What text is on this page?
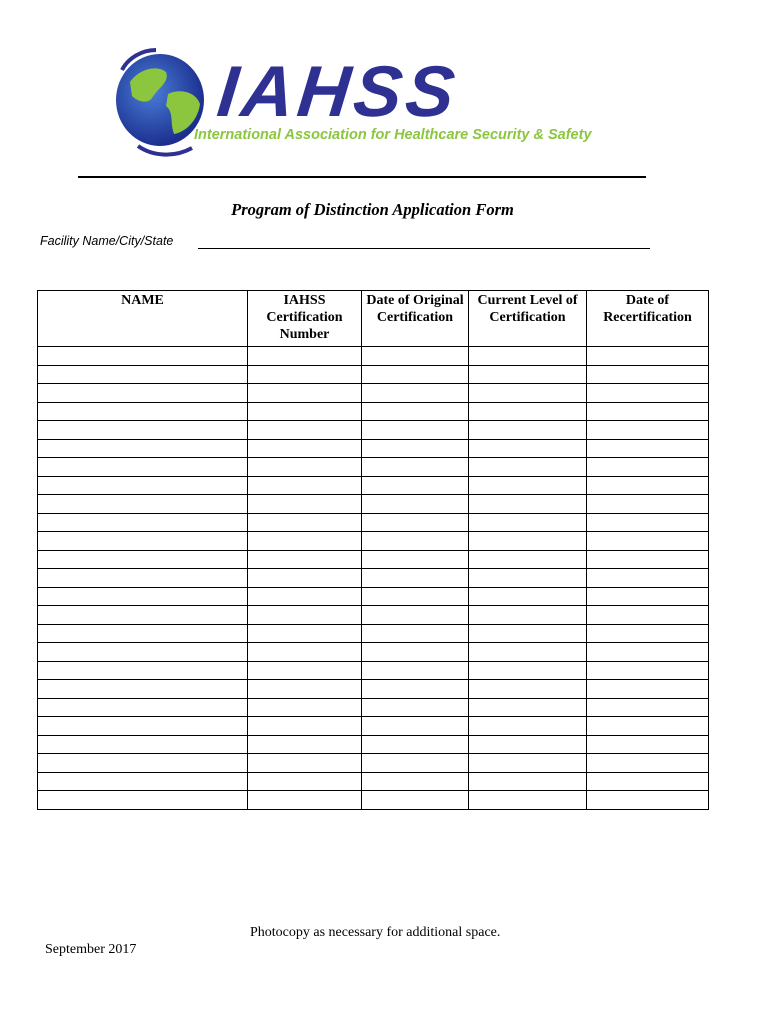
IAHSS
International Association for Healthcare Security & Safety
Program of Distinction Application Form
Facility Name/City/State
NAME	IAHSS Certification Number	Date of Original Certification	Current Level of Certification	Date of Recertification

Photocopy as necessary for additional space.
September 2017
